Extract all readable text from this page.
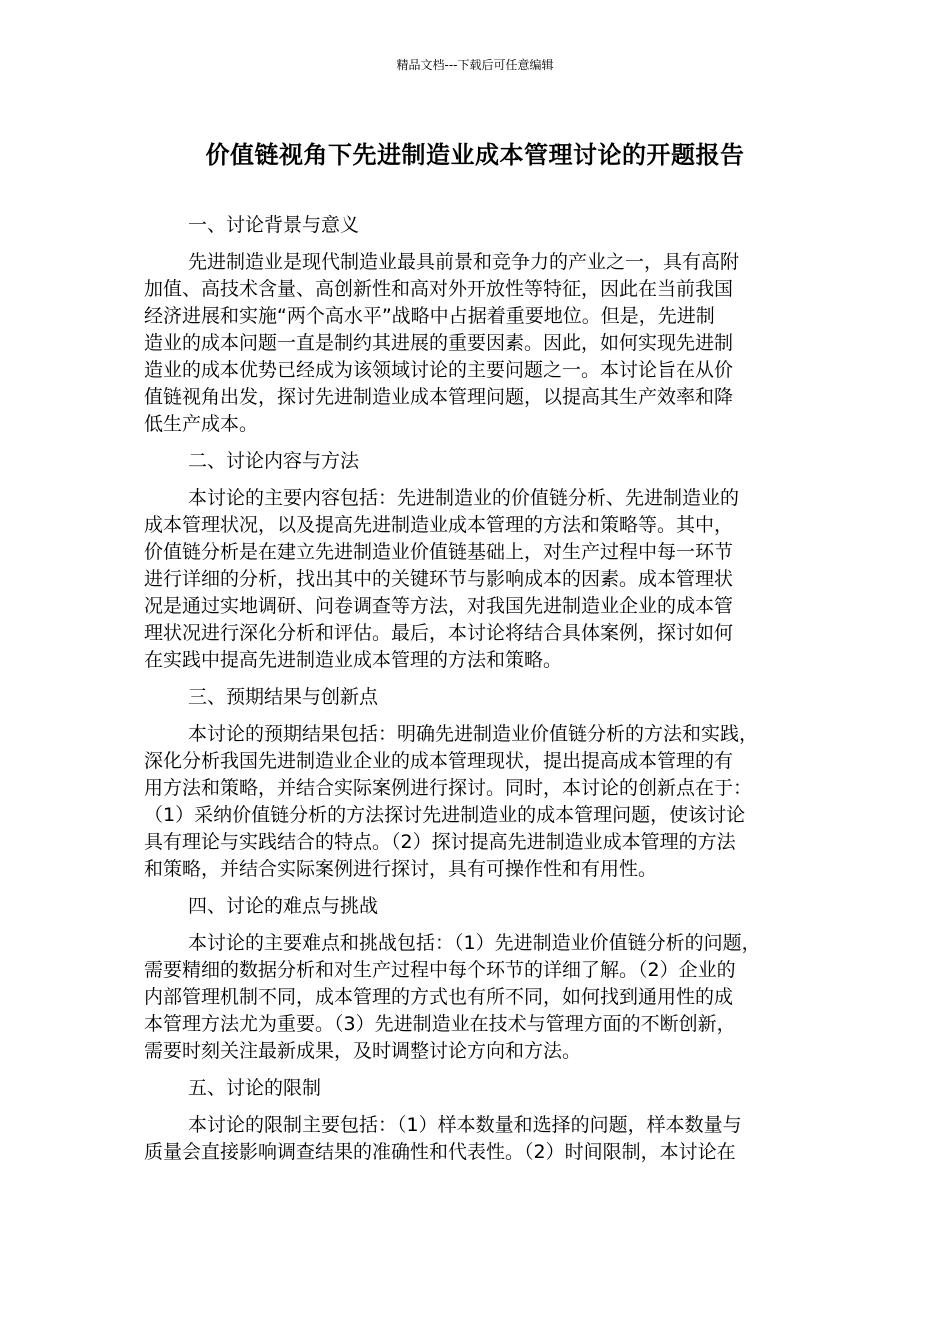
精品文档---下载后可任意编辑
价值链视角下先进制造业成本管理讨论的开题报告
一、讨论背景与意义
先进制造业是现代制造业最具前景和竞争力的产业之一，具有高附
加值、高技术含量、高创新性和高对外开放性等特征，因此在当前我国
经济进展和实施“两个高水平”战略中占据着重要地位。但是，先进制
造业的成本问题一直是制约其进展的重要因素。因此，如何实现先进制
造业的成本优势已经成为该领域讨论的主要问题之一。本讨论旨在从价
值链视角出发，探讨先进制造业成本管理问题，以提高其生产效率和降
低生产成本。
二、讨论内容与方法
本讨论的主要内容包括：先进制造业的价值链分析、先进制造业的
成本管理状况，以及提高先进制造业成本管理的方法和策略等。其中，
价值链分析是在建立先进制造业价值链基础上，对生产过程中每一环节
进行详细的分析，找出其中的关键环节与影响成本的因素。成本管理状
况是通过实地调研、问卷调查等方法，对我国先进制造业企业的成本管
理状况进行深化分析和评估。最后，本讨论将结合具体案例，探讨如何
在实践中提高先进制造业成本管理的方法和策略。
三、预期结果与创新点
本讨论的预期结果包括：明确先进制造业价值链分析的方法和实践，
深化分析我国先进制造业企业的成本管理现状，提出提高成本管理的有
用方法和策略，并结合实际案例进行探讨。同时，本讨论的创新点在于：
（1）采纳价值链分析的方法探讨先进制造业的成本管理问题，使该讨论
具有理论与实践结合的特点。（2）探讨提高先进制造业成本管理的方法
和策略，并结合实际案例进行探讨，具有可操作性和有用性。
四、讨论的难点与挑战
本讨论的主要难点和挑战包括：（1）先进制造业价值链分析的问题，
需要精细的数据分析和对生产过程中每个环节的详细了解。（2）企业的
内部管理机制不同，成本管理的方式也有所不同，如何找到通用性的成
本管理方法尤为重要。（3）先进制造业在技术与管理方面的不断创新，
需要时刻关注最新成果，及时调整讨论方向和方法。
五、讨论的限制
本讨论的限制主要包括：（1）样本数量和选择的问题，样本数量与
质量会直接影响调查结果的准确性和代表性。（2）时间限制，本讨论在
